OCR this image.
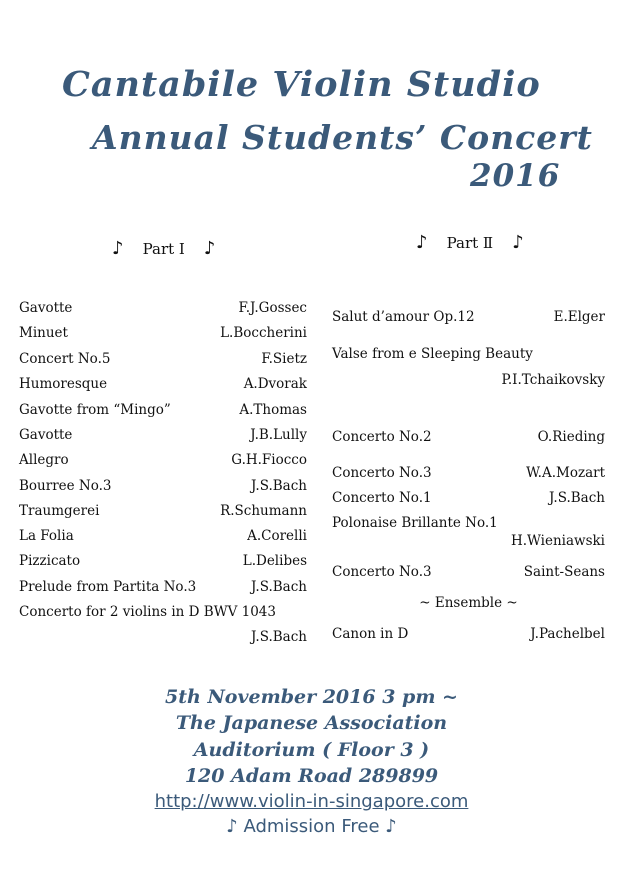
Cantabile Violin Studio
Annual Students’ Concert
2016
♪ Part Ⅰ ♪	♪ Part Ⅱ ♪
Gavotte	F.J.Gossec
Minuet	L.Boccherini
Concert No.5	F.Sietz
Humoresque	A.Dvorak
Gavotte from “Mingo”	A.Thomas
Gavotte	J.B.Lully
Allegro	G.H.Fiocco
Bourree No.3	J.S.Bach
Traumgerei	R.Schumann
La Folia	A.Corelli
Pizzicato	L.Delibes
Prelude from Partita No.3	J.S.Bach
Concerto for 2 violins in D BWV 1043
J.S.Bach
Salut d’amour Op.12	E.Elger
Valse from e Sleeping Beauty
P.I.Tchaikovsky
Concerto No.2	O.Rieding
Concerto No.3	W.A.Mozart
Concerto No.1	J.S.Bach
Polonaise Brillante No.1
H.Wieniawski
Concerto No.3	Saint-Seans
~ Ensemble ~
Canon in D	J.Pachelbel
5th November 2016 3 pm ~
The Japanese Association
Auditorium ( Floor 3 )
120 Adam Road 289899
http://www.violin-in-singapore.com
♪ Admission Free ♪
